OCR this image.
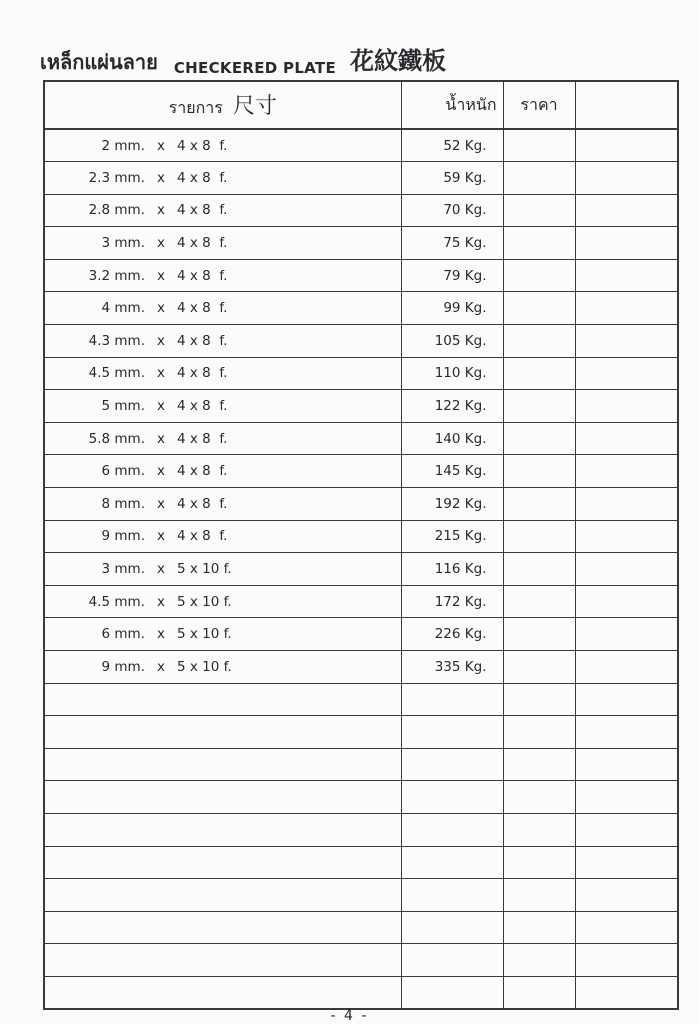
เหล็กแผ่นลาย CHECKERED PLATE 花紋鐵板
รายการ 尺寸	น้ำหนัก	ราคา	
2 mm. x 4 x 8  f.	52 Kg.		
2.3 mm. x 4 x 8  f.	59 Kg.		
2.8 mm. x 4 x 8  f.	70 Kg.		
3 mm. x 4 x 8  f.	75 Kg.		
3.2 mm. x 4 x 8  f.	79 Kg.		
4 mm. x 4 x 8  f.	99 Kg.		
4.3 mm. x 4 x 8  f.	105 Kg.		
4.5 mm. x 4 x 8  f.	110 Kg.		
5 mm. x 4 x 8  f.	122 Kg.		
5.8 mm. x 4 x 8  f.	140 Kg.		
6 mm. x 4 x 8  f.	145 Kg.		
8 mm. x 4 x 8  f.	192 Kg.		
9 mm. x 4 x 8  f.	215 Kg.		
3 mm. x 5 x 10 f.	116 Kg.		
4.5 mm. x 5 x 10 f.	172 Kg.		
6 mm. x 5 x 10 f.	226 Kg.		
9 mm. x 5 x 10 f.	335 Kg.		

- 4 -
